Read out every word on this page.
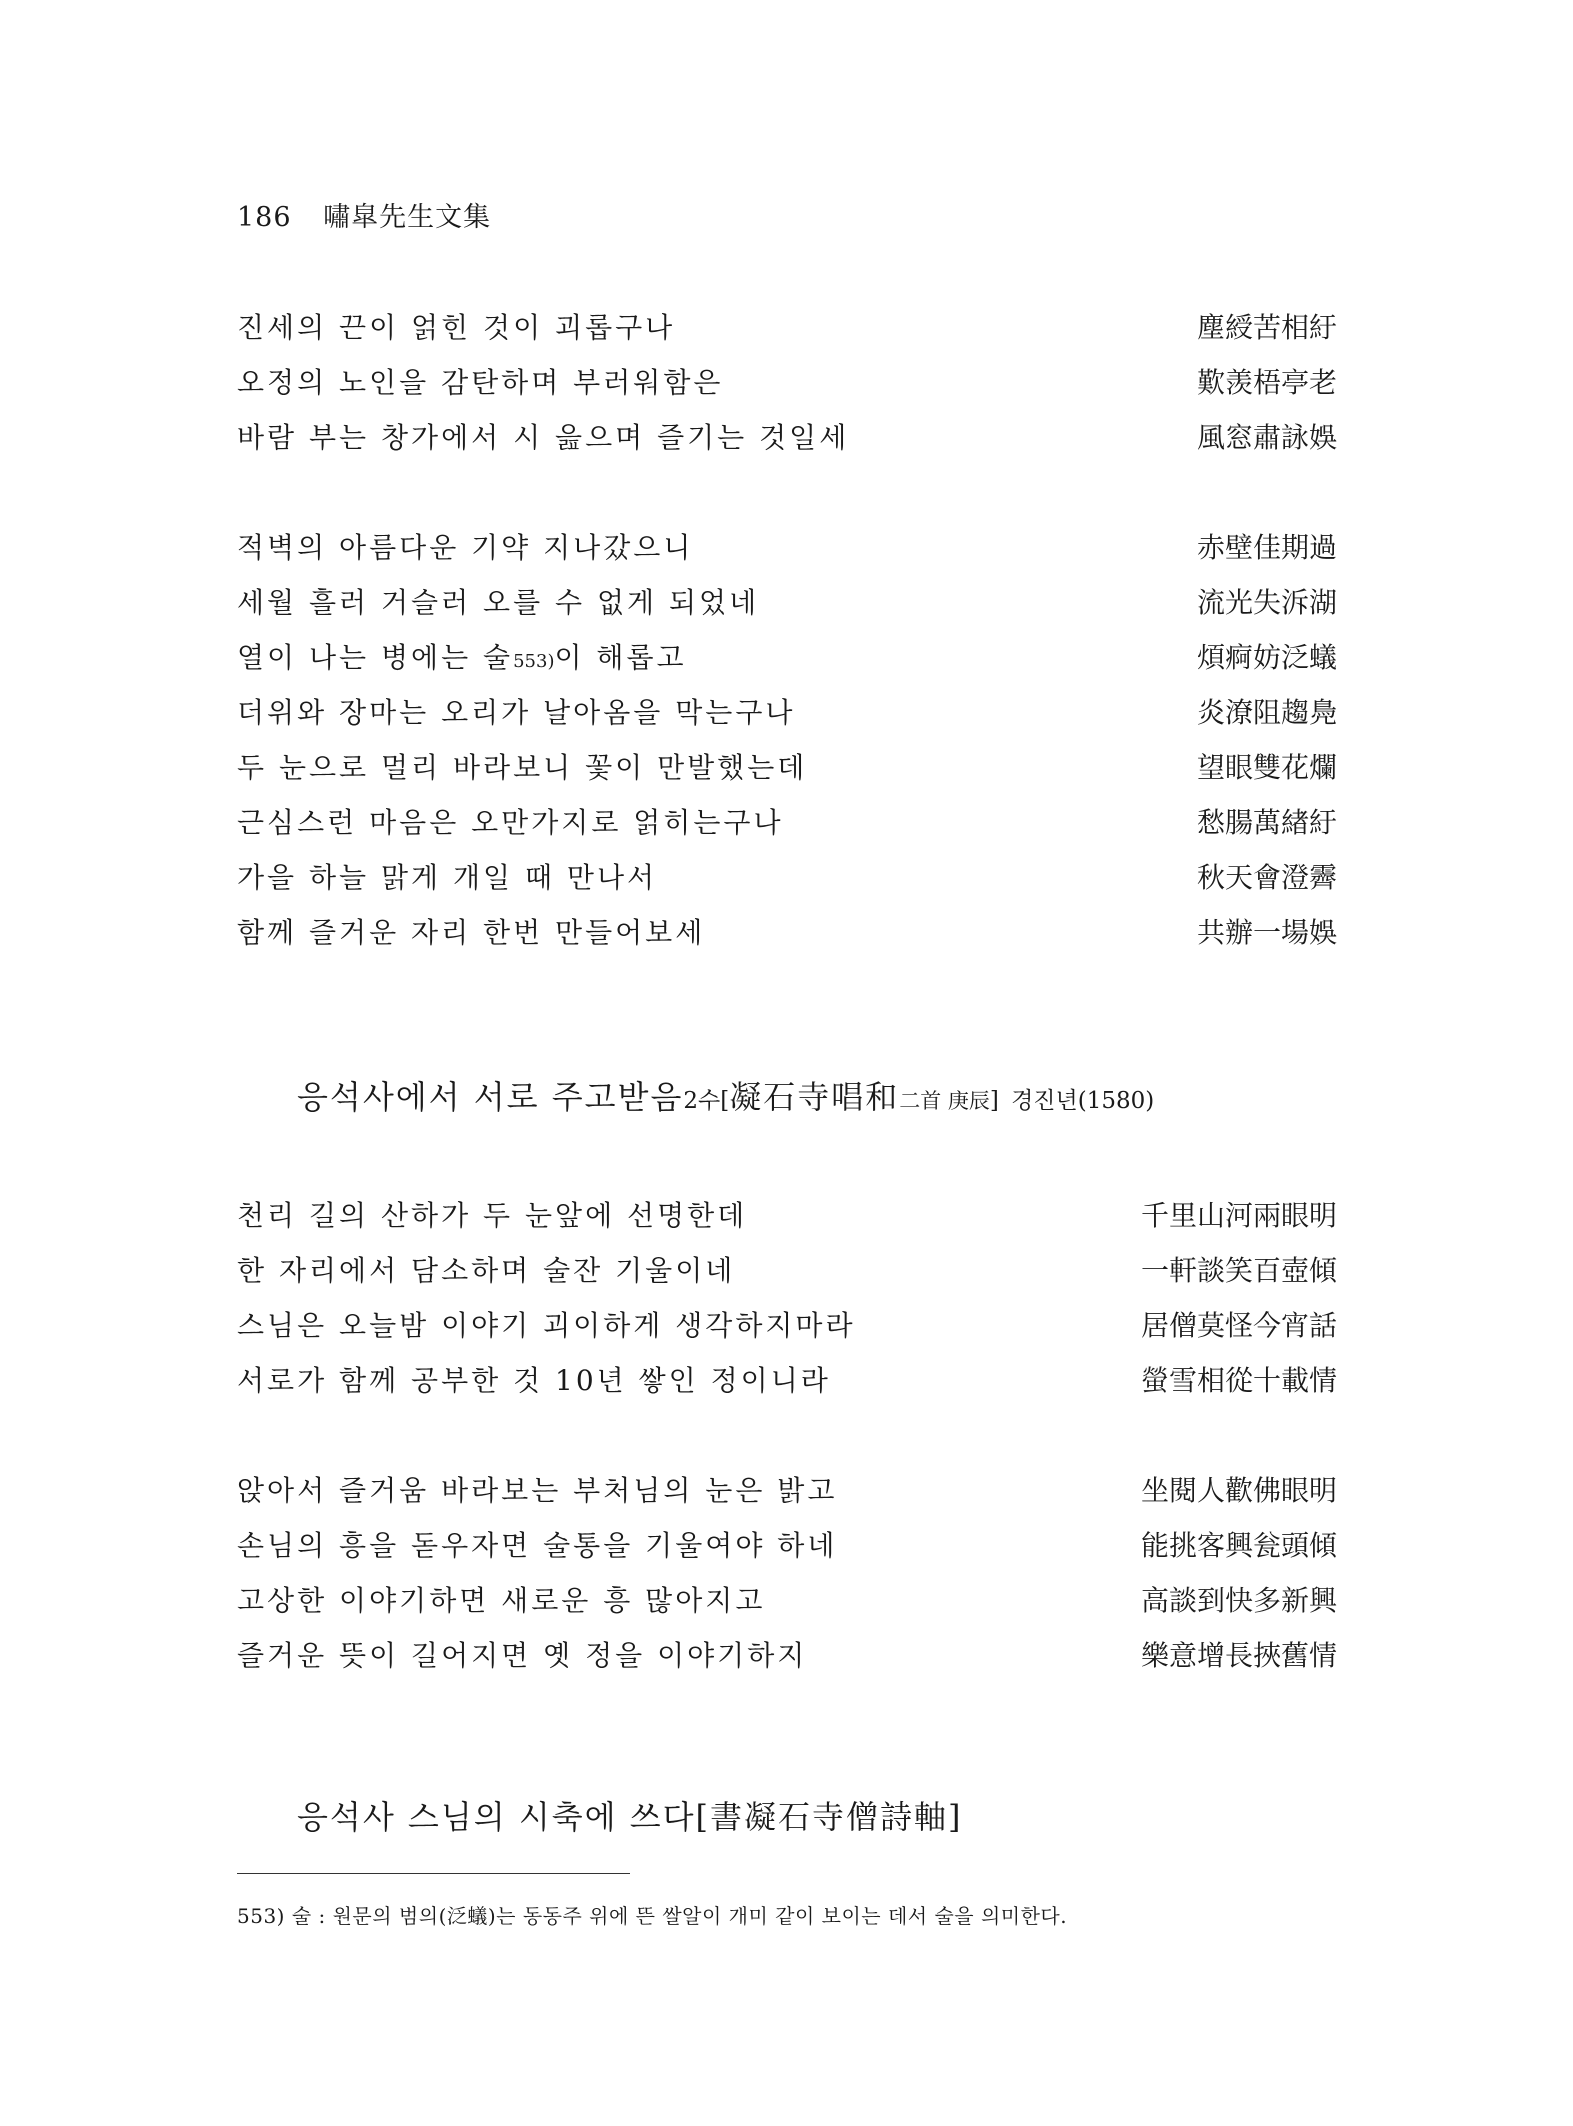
186 嘯皐先生文集
진세의 끈이 얽힌 것이 괴롭구나	塵綬苦相紆
오정의 노인을 감탄하며 부러워함은	歎羡梧亭老
바람 부는 창가에서 시 읊으며 즐기는 것일세	風窓肅詠娛
적벽의 아름다운 기약 지나갔으니	赤壁佳期過
세월 흘러 거슬러 오를 수 없게 되었네	流光失泝湖
열이 나는 병에는 술553)이 해롭고	煩痾妨泛蟻
더위와 장마는 오리가 날아옴을 막는구나	炎潦阻趨鳧
두 눈으로 멀리 바라보니 꽃이 만발했는데	望眼雙花爛
근심스런 마음은 오만가지로 얽히는구나	愁腸萬緖紆
가을 하늘 맑게 개일 때 만나서	秋天會澄霽
함께 즐거운 자리 한번 만들어보세	共辦一場娛
응석사에서 서로 주고받음2수[凝石寺唱和二首 庚辰] 경진년(1580)
천리 길의 산하가 두 눈앞에 선명한데	千里山河兩眼明
한 자리에서 담소하며 술잔 기울이네	一軒談笑百壺傾
스님은 오늘밤 이야기 괴이하게 생각하지마라	居僧莫怪今宵話
서로가 함께 공부한 것 10년 쌓인 정이니라	螢雪相從十載情
앉아서 즐거움 바라보는 부처님의 눈은 밝고	坐閱人歡佛眼明
손님의 흥을 돋우자면 술통을 기울여야 하네	能挑客興瓮頭傾
고상한 이야기하면 새로운 흥 많아지고	高談到快多新興
즐거운 뜻이 길어지면 옛 정을 이야기하지	樂意增長挾舊情
응석사 스님의 시축에 쓰다[書凝石寺僧詩軸]
553) 술 : 원문의 범의(泛蟻)는 동동주 위에 뜬 쌀알이 개미 같이 보이는 데서 술을 의미한다.
